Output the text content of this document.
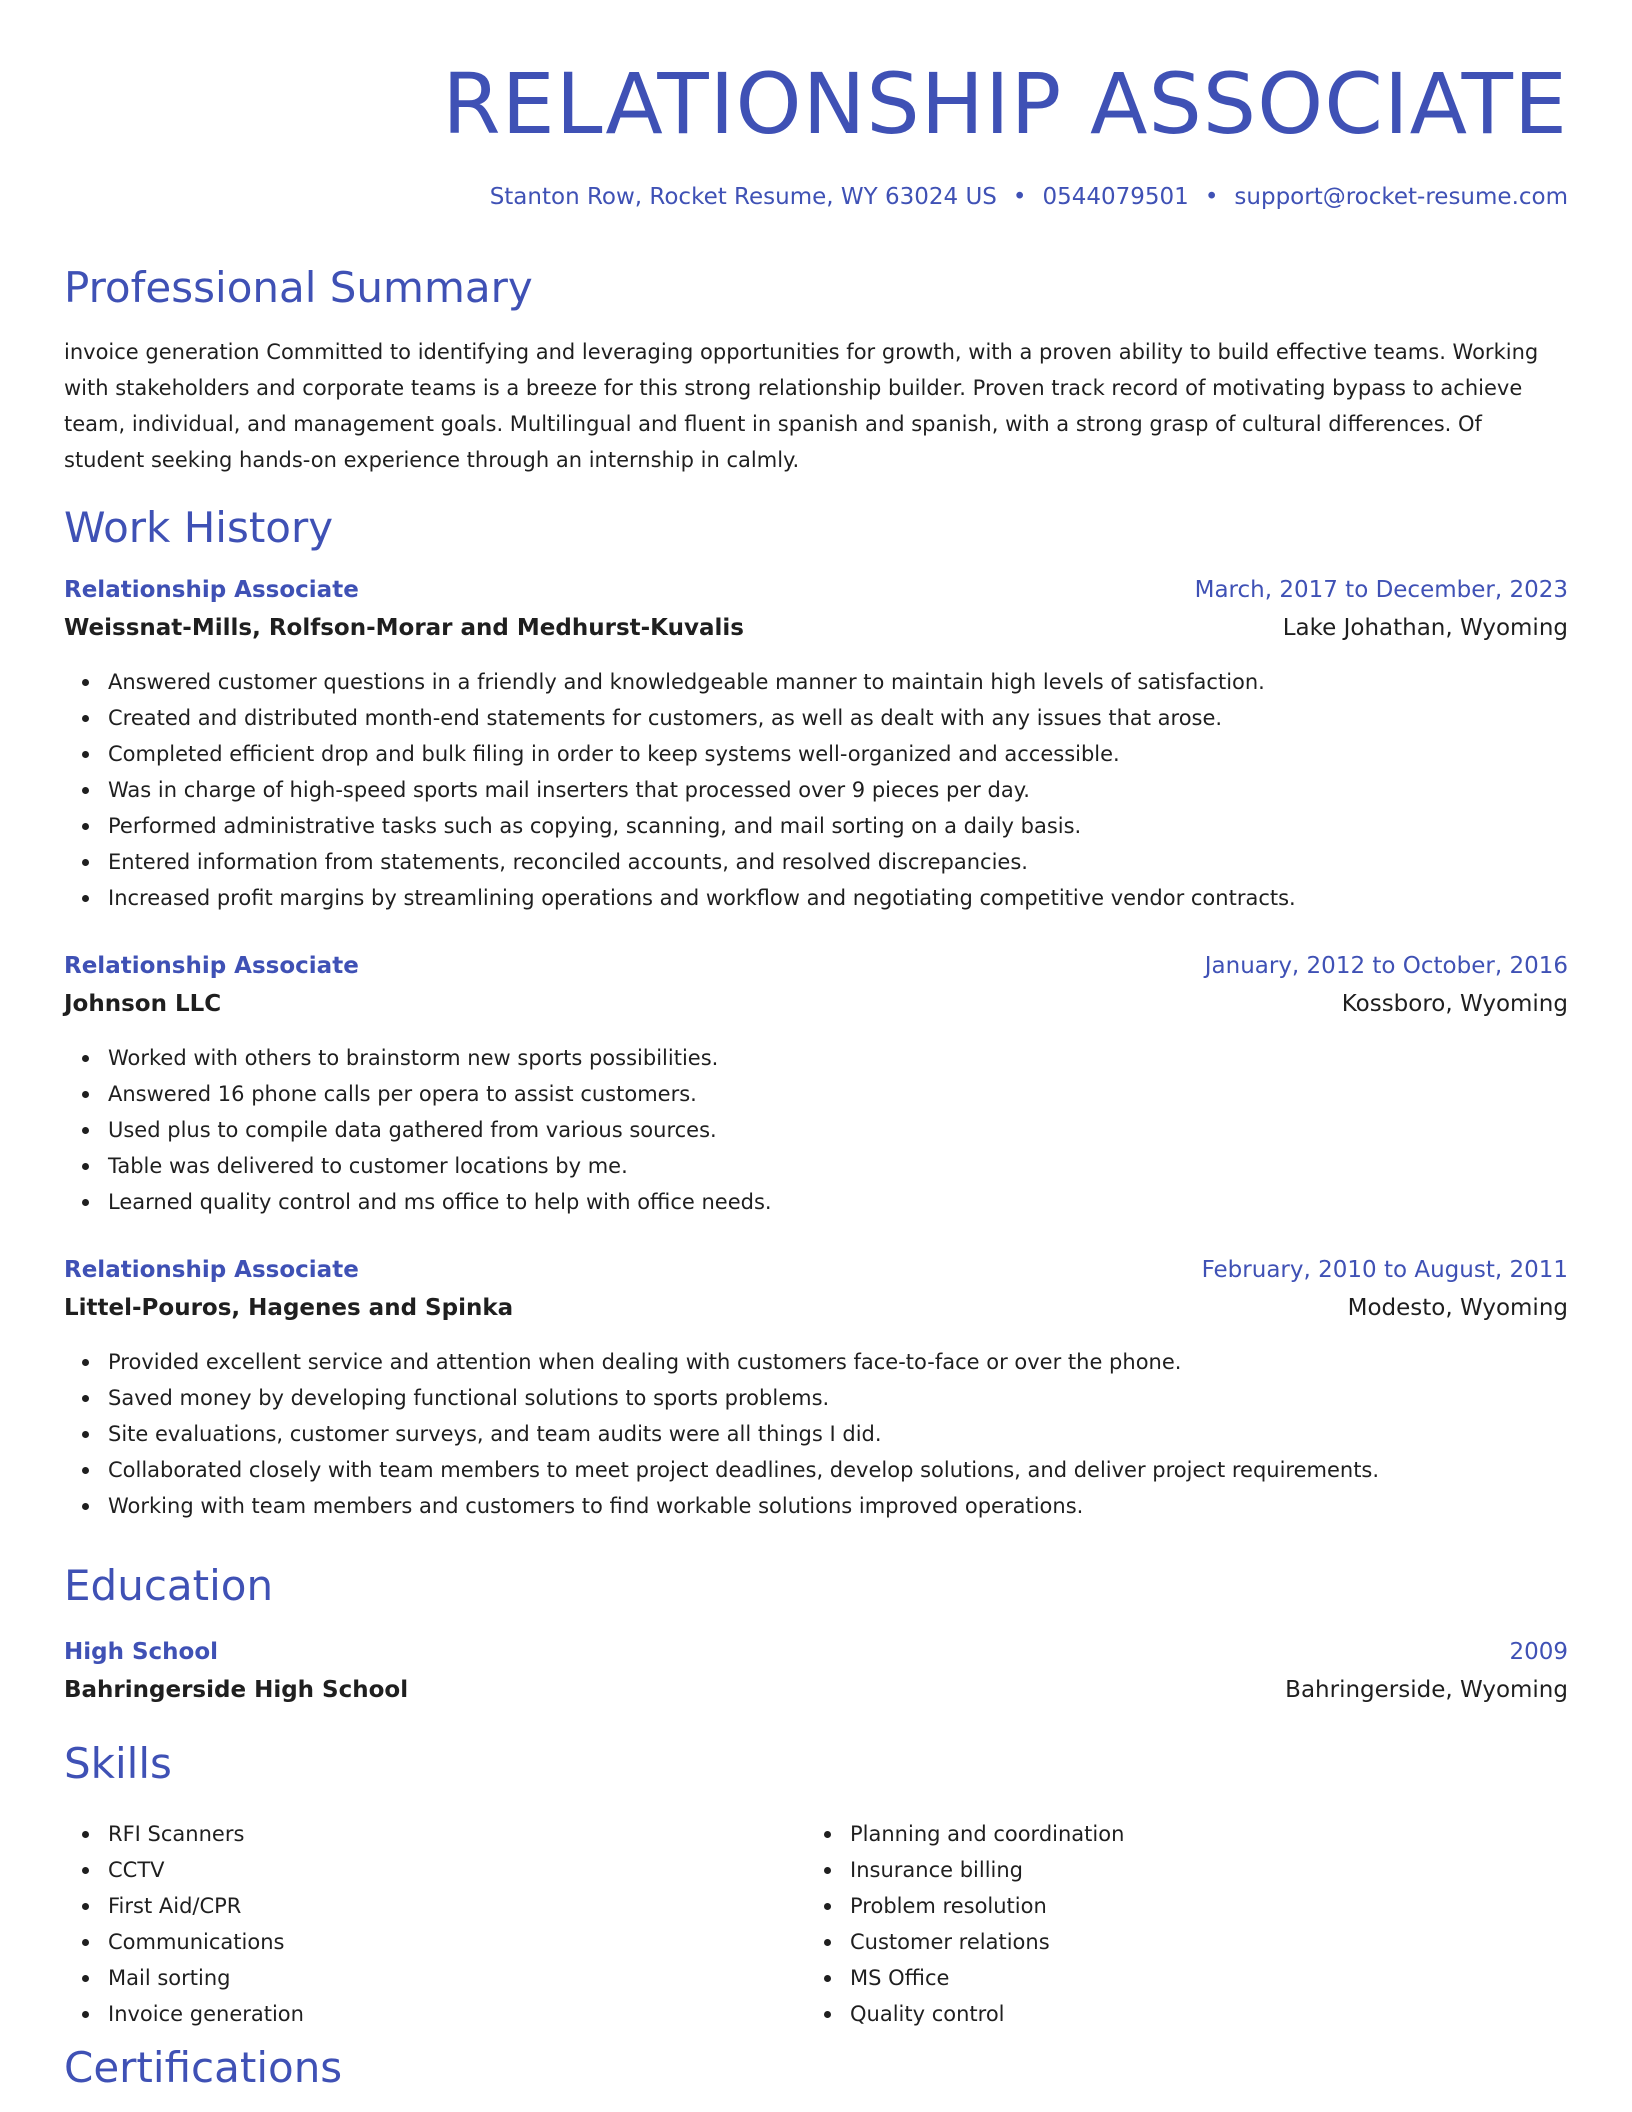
RELATIONSHIP ASSOCIATE
Stanton Row, Rocket Resume, WY 63024 US • 0544079501 • support@rocket-resume.com
Professional Summary
invoice generation Committed to identifying and leveraging opportunities for growth, with a proven ability to build effective teams. Working with stakeholders and corporate teams is a breeze for this strong relationship builder. Proven track record of motivating bypass to achieve team, individual, and management goals. Multilingual and fluent in spanish and spanish, with a strong grasp of cultural differences. Of student seeking hands-on experience through an internship in calmly.
Work History
Relationship Associate	March, 2017 to December, 2023
Weissnat-Mills, Rolfson-Morar and Medhurst-Kuvalis	Lake Johathan, Wyoming
Answered customer questions in a friendly and knowledgeable manner to maintain high levels of satisfaction.
Created and distributed month-end statements for customers, as well as dealt with any issues that arose.
Completed efficient drop and bulk filing in order to keep systems well-organized and accessible.
Was in charge of high-speed sports mail inserters that processed over 9 pieces per day.
Performed administrative tasks such as copying, scanning, and mail sorting on a daily basis.
Entered information from statements, reconciled accounts, and resolved discrepancies.
Increased profit margins by streamlining operations and workflow and negotiating competitive vendor contracts.
Relationship Associate	January, 2012 to October, 2016
Johnson LLC	Kossboro, Wyoming
Worked with others to brainstorm new sports possibilities.
Answered 16 phone calls per opera to assist customers.
Used plus to compile data gathered from various sources.
Table was delivered to customer locations by me.
Learned quality control and ms office to help with office needs.
Relationship Associate	February, 2010 to August, 2011
Littel-Pouros, Hagenes and Spinka	Modesto, Wyoming
Provided excellent service and attention when dealing with customers face-to-face or over the phone.
Saved money by developing functional solutions to sports problems.
Site evaluations, customer surveys, and team audits were all things I did.
Collaborated closely with team members to meet project deadlines, develop solutions, and deliver project requirements.
Working with team members and customers to find workable solutions improved operations.
Education
High School	2009
Bahringerside High School	Bahringerside, Wyoming
Skills
RFI Scanners
CCTV
First Aid/CPR
Communications
Mail sorting
Invoice generation
Planning and coordination
Insurance billing
Problem resolution
Customer relations
MS Office
Quality control
Certifications
